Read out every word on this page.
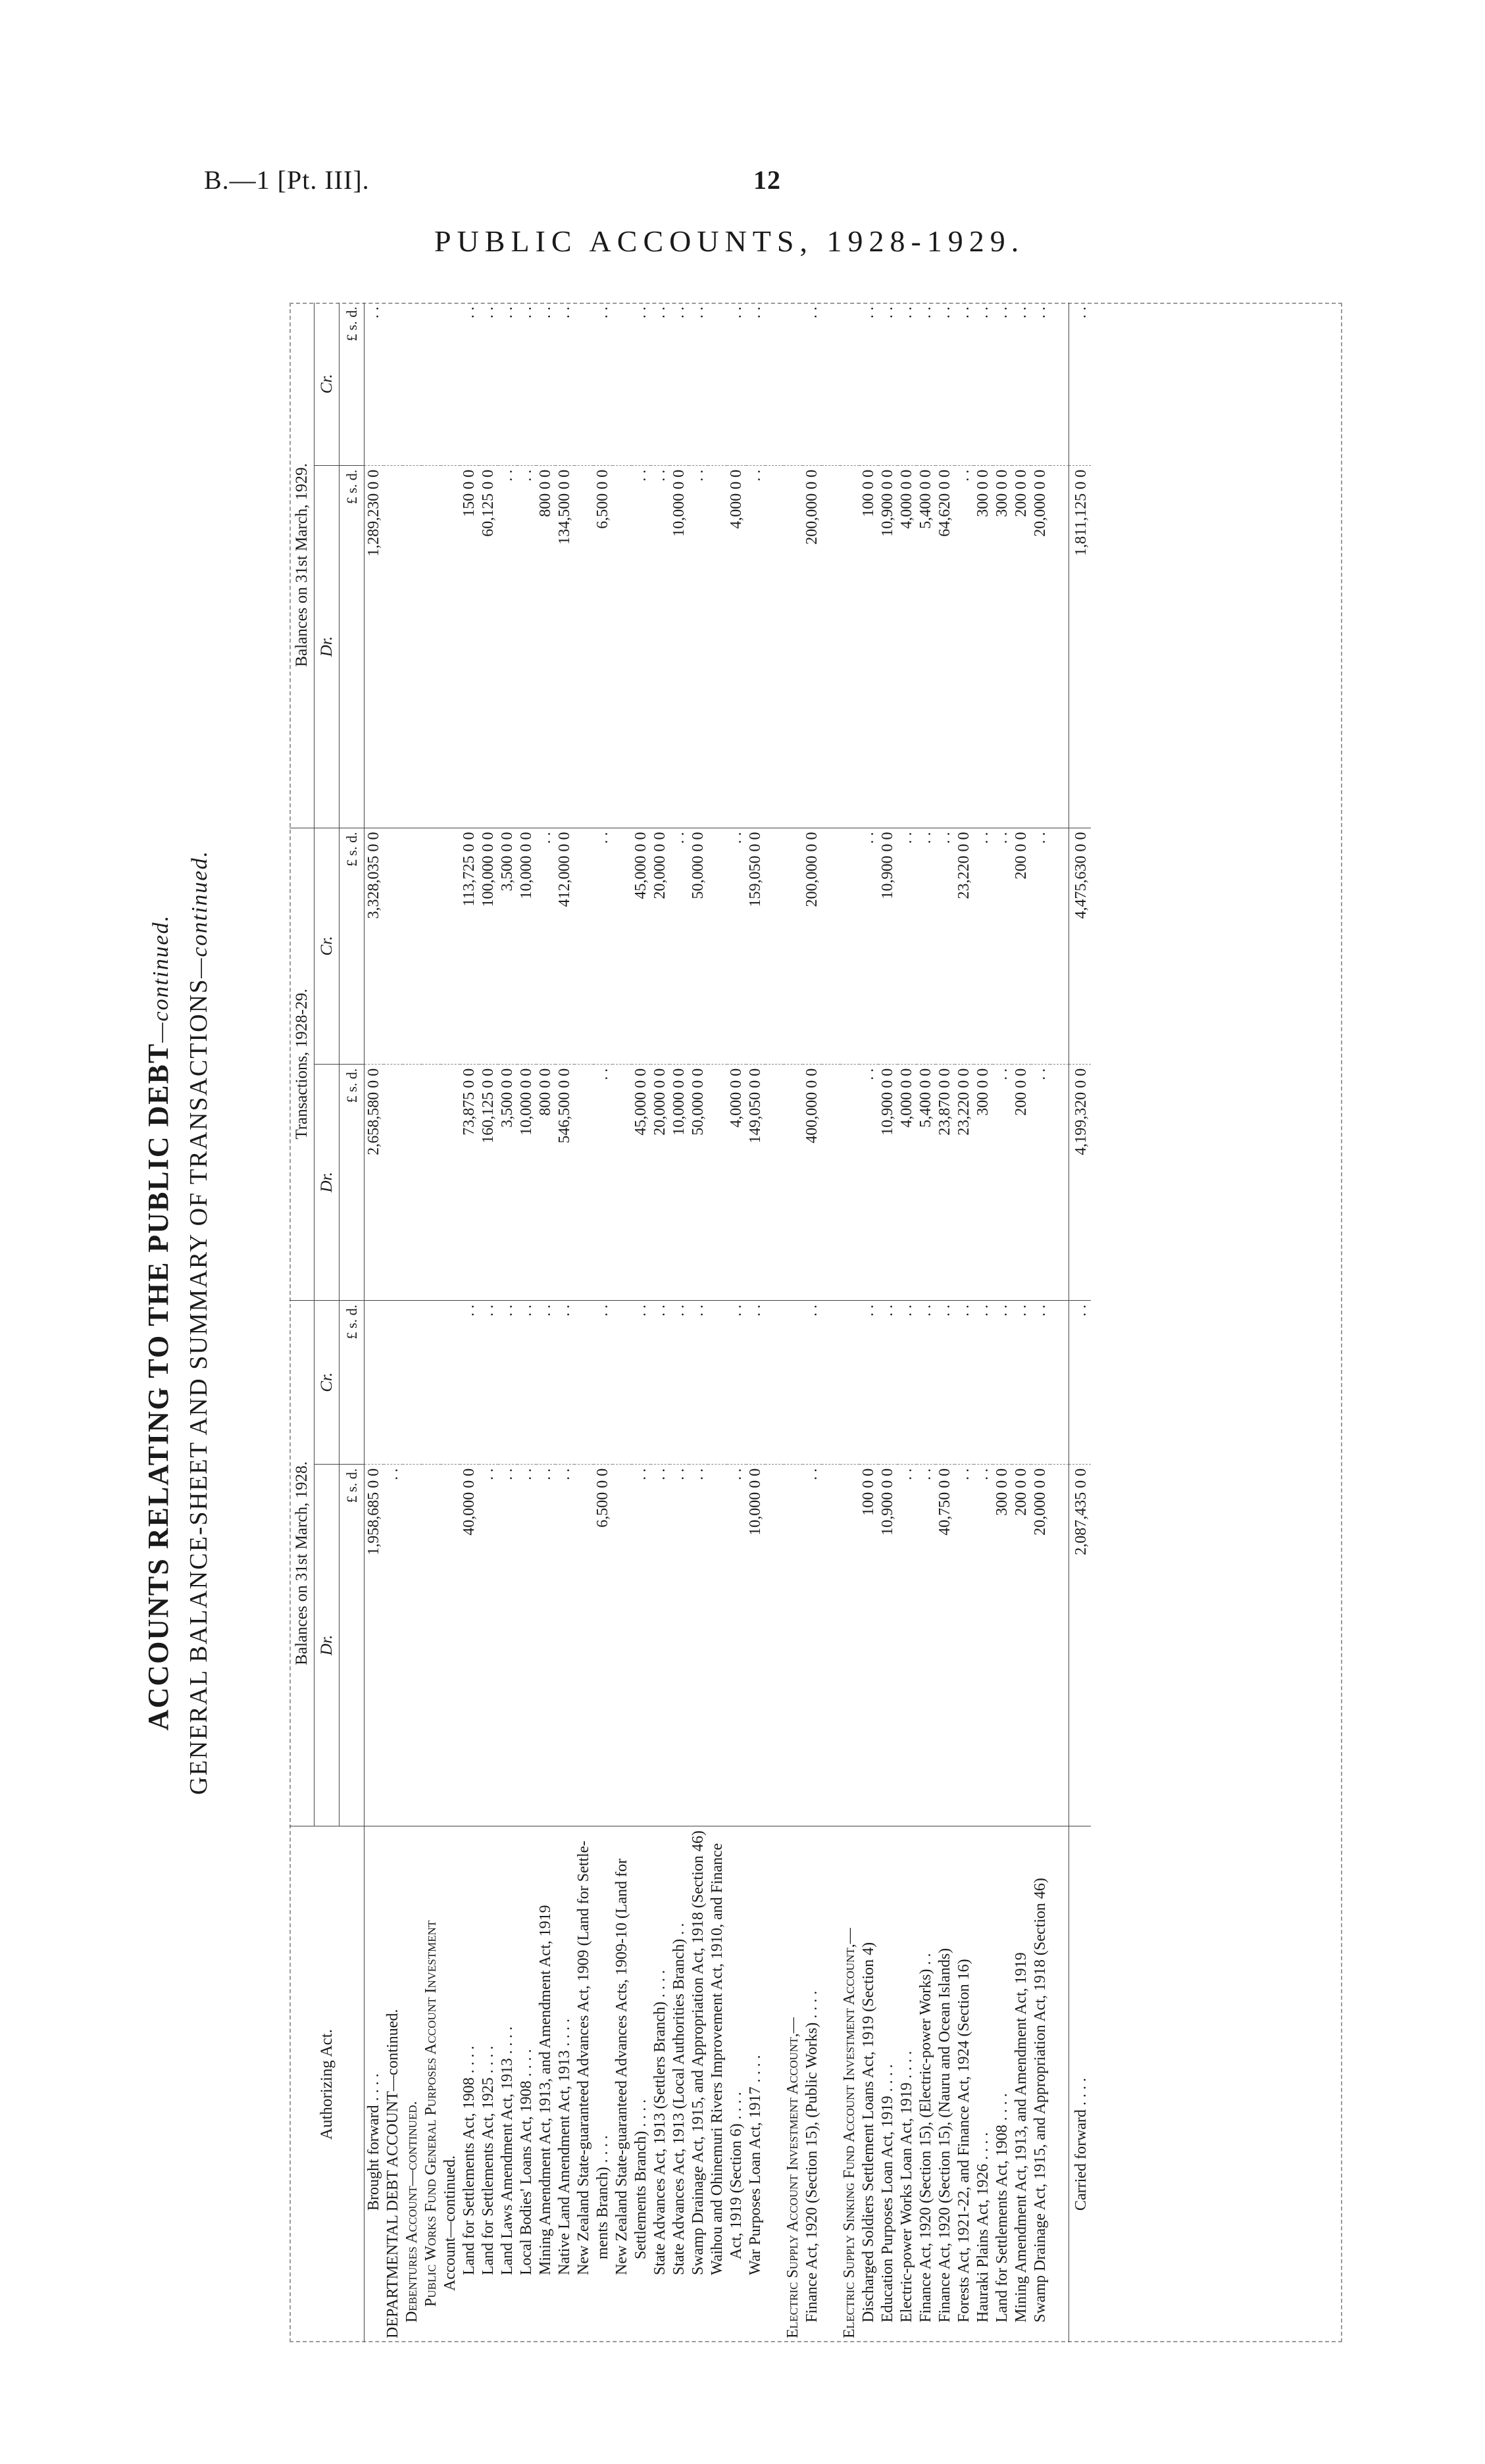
B.—1 [Pt. III].	12
PUBLIC ACCOUNTS, 1928-1929.
ACCOUNTS RELATING TO THE PUBLIC DEBT—continued. GENERAL BALANCE-SHEET AND SUMMARY OF TRANSACTIONS—continued.
Authorizing Act.	Balances on 31st March, 1928.		Transactions, 1928-29.		Balances on 31st March, 1929.	
	Dr.	Cr.	Dr.	Cr.	Dr.	Cr.
	£ s. d.	£ s. d.	£ s. d.	£ s. d.	£ s. d.	£ s. d.
Brought forward . . . .	1,958,685 0 0		2,658,580 0 0	3,328,035 0 0	1,289,230 0 0	. .
DEPARTMENTAL DEBT ACCOUNT—continued.	. .					
Debentures Account—continued.						
Public Works Fund General Purposes Account Investment						
Account—continued.						
Land for Settlements Act, 1908 . . . .	40,000 0 0	. .	73,875 0 0	113,725 0 0	150 0 0	. .
Land for Settlements Act, 1925 . . . .	. .	. .	160,125 0 0	100,000 0 0	60,125 0 0	. .
Land Laws Amendment Act, 1913 . . . .	. .	. .	3,500 0 0	3,500 0 0	. .	. .
Local Bodies' Loans Act, 1908 . . . .	. .	. .	10,000 0 0	10,000 0 0	. .	. .
Mining Amendment Act, 1913, and Amendment Act, 1919	. .	. .	800 0 0	. .	800 0 0	. .
Native Land Amendment Act, 1913 . . . .	. .	. .	546,500 0 0	412,000 0 0	134,500 0 0	. .
New Zealand State-guaranteed Advances Act, 1909 (Land for Settle-						
ments Branch) . . . .	6,500 0 0	. .	. .	. .	6,500 0 0	. .
New Zealand State-guaranteed Advances Acts, 1909-10 (Land for						
Settlements Branch) . . . .	. .	. .	45,000 0 0	45,000 0 0	. .	. .
State Advances Act, 1913 (Settlers Branch) . . . .	. .	. .	20,000 0 0	20,000 0 0	. .	. .
State Advances Act, 1913 (Local Authorities Branch) . .	. .	. .	10,000 0 0	. .	10,000 0 0	. .
Swamp Drainage Act, 1915, and Appropriation Act, 1918 (Section 46)	. .	. .	50,000 0 0	50,000 0 0	. .	. .
Waihou and Ohinemuri Rivers Improvement Act, 1910, and Finance						
Act, 1919 (Section 6) . . . .	. .	. .	4,000 0 0	. .	4,000 0 0	. .
War Purposes Loan Act, 1917 . . . .	10,000 0 0	. .	149,050 0 0	159,050 0 0	. .	. .

Electric Supply Account Investment Account,—						
Finance Act, 1920 (Section 15), (Public Works) . . . .	. .	. .	400,000 0 0	200,000 0 0	200,000 0 0	. .

Electric Supply Sinking Fund Account Investment Account,—						
Discharged Soldiers Settlement Loans Act, 1919 (Section 4)	100 0 0	. .	. .	. .	100 0 0	. .
Education Purposes Loan Act, 1919 . . . .	10,900 0 0	. .	10,900 0 0	10,900 0 0	10,900 0 0	. .
Electric-power Works Loan Act, 1919 . . . .	. .	. .	4,000 0 0	. .	4,000 0 0	. .
Finance Act, 1920 (Section 15), (Electric-power Works) . .	. .	. .	5,400 0 0	. .	5,400 0 0	. .
Finance Act, 1920 (Section 15), (Nauru and Ocean Islands)	40,750 0 0	. .	23,870 0 0	. .	64,620 0 0	. .
Forests Act, 1921-22, and Finance Act, 1924 (Section 16)	. .	. .	23,220 0 0	23,220 0 0	. .	. .
Hauraki Plains Act, 1926 . . . .	. .	. .	300 0 0	. .	300 0 0	. .
Land for Settlements Act, 1908 . . . .	300 0 0	. .	. .	. .	300 0 0	. .
Mining Amendment Act, 1913, and Amendment Act, 1919	200 0 0	. .	200 0 0	200 0 0	200 0 0	. .
Swamp Drainage Act, 1915, and Appropriation Act, 1918 (Section 46)	20,000 0 0	. .	. .	. .	20,000 0 0	. .

Carried forward . . . .	2,087,435 0 0	. .	4,199,320 0 0	4,475,630 0 0	1,811,125 0 0	. .
